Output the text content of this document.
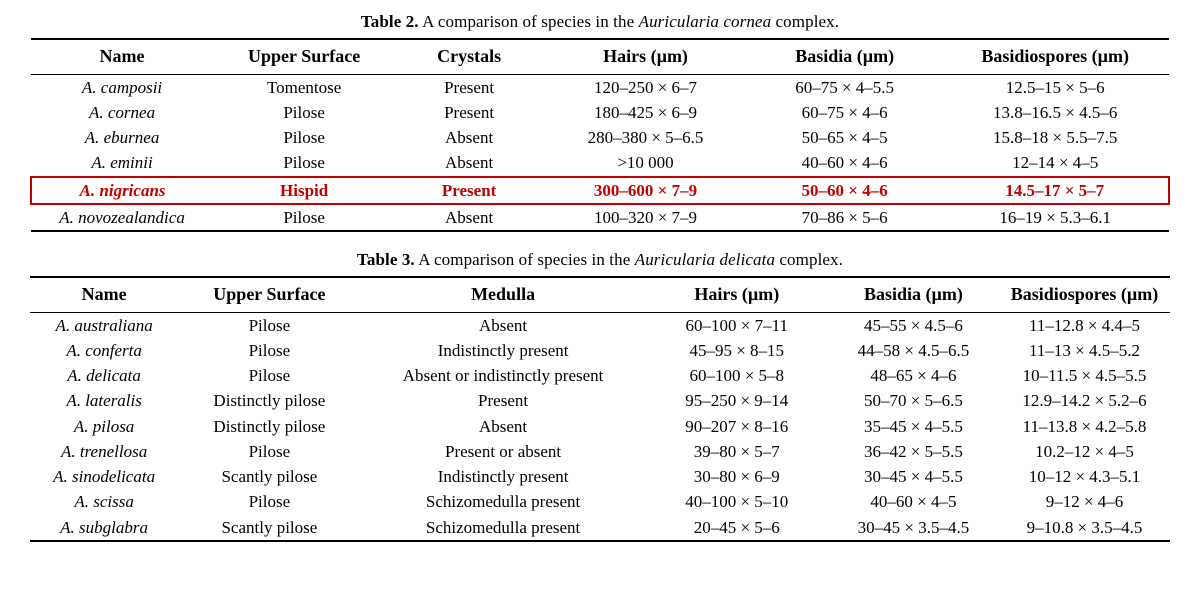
Table 2. A comparison of species in the Auricularia cornea complex.
Name	Upper Surface	Crystals	Hairs (µm)	Basidia (µm)	Basidiospores (µm)
A. camposii	Tomentose	Present	120–250 × 6–7	60–75 × 4–5.5	12.5–15 × 5–6
A. cornea	Pilose	Present	180–425 × 6–9	60–75 × 4–6	13.8–16.5 × 4.5–6
A. eburnea	Pilose	Absent	280–380 × 5–6.5	50–65 × 4–5	15.8–18 × 5.5–7.5
A. eminii	Pilose	Absent	>10 000	40–60 × 4–6	12–14 × 4–5
A. nigricans	Hispid	Present	300–600 × 7–9	50–60 × 4–6	14.5–17 × 5–7
A. novozealandica	Pilose	Absent	100–320 × 7–9	70–86 × 5–6	16–19 × 5.3–6.1
Table 3. A comparison of species in the Auricularia delicata complex.
Name	Upper Surface	Medulla	Hairs (µm)	Basidia (µm)	Basidiospores (µm)
A. australiana	Pilose	Absent	60–100 × 7–11	45–55 × 4.5–6	11–12.8 × 4.4–5
A. conferta	Pilose	Indistinctly present	45–95 × 8–15	44–58 × 4.5–6.5	11–13 × 4.5–5.2
A. delicata	Pilose	Absent or indistinctly present	60–100 × 5–8	48–65 × 4–6	10–11.5 × 4.5–5.5
A. lateralis	Distinctly pilose	Present	95–250 × 9–14	50–70 × 5–6.5	12.9–14.2 × 5.2–6
A. pilosa	Distinctly pilose	Absent	90–207 × 8–16	35–45 × 4–5.5	11–13.8 × 4.2–5.8
A. trenellosa	Pilose	Present or absent	39–80 × 5–7	36–42 × 5–5.5	10.2–12 × 4–5
A. sinodelicata	Scantly pilose	Indistinctly present	30–80 × 6–9	30–45 × 4–5.5	10–12 × 4.3–5.1
A. scissa	Pilose	Schizomedulla present	40–100 × 5–10	40–60 × 4–5	9–12 × 4–6
A. subglabra	Scantly pilose	Schizomedulla present	20–45 × 5–6	30–45 × 3.5–4.5	9–10.8 × 3.5–4.5
